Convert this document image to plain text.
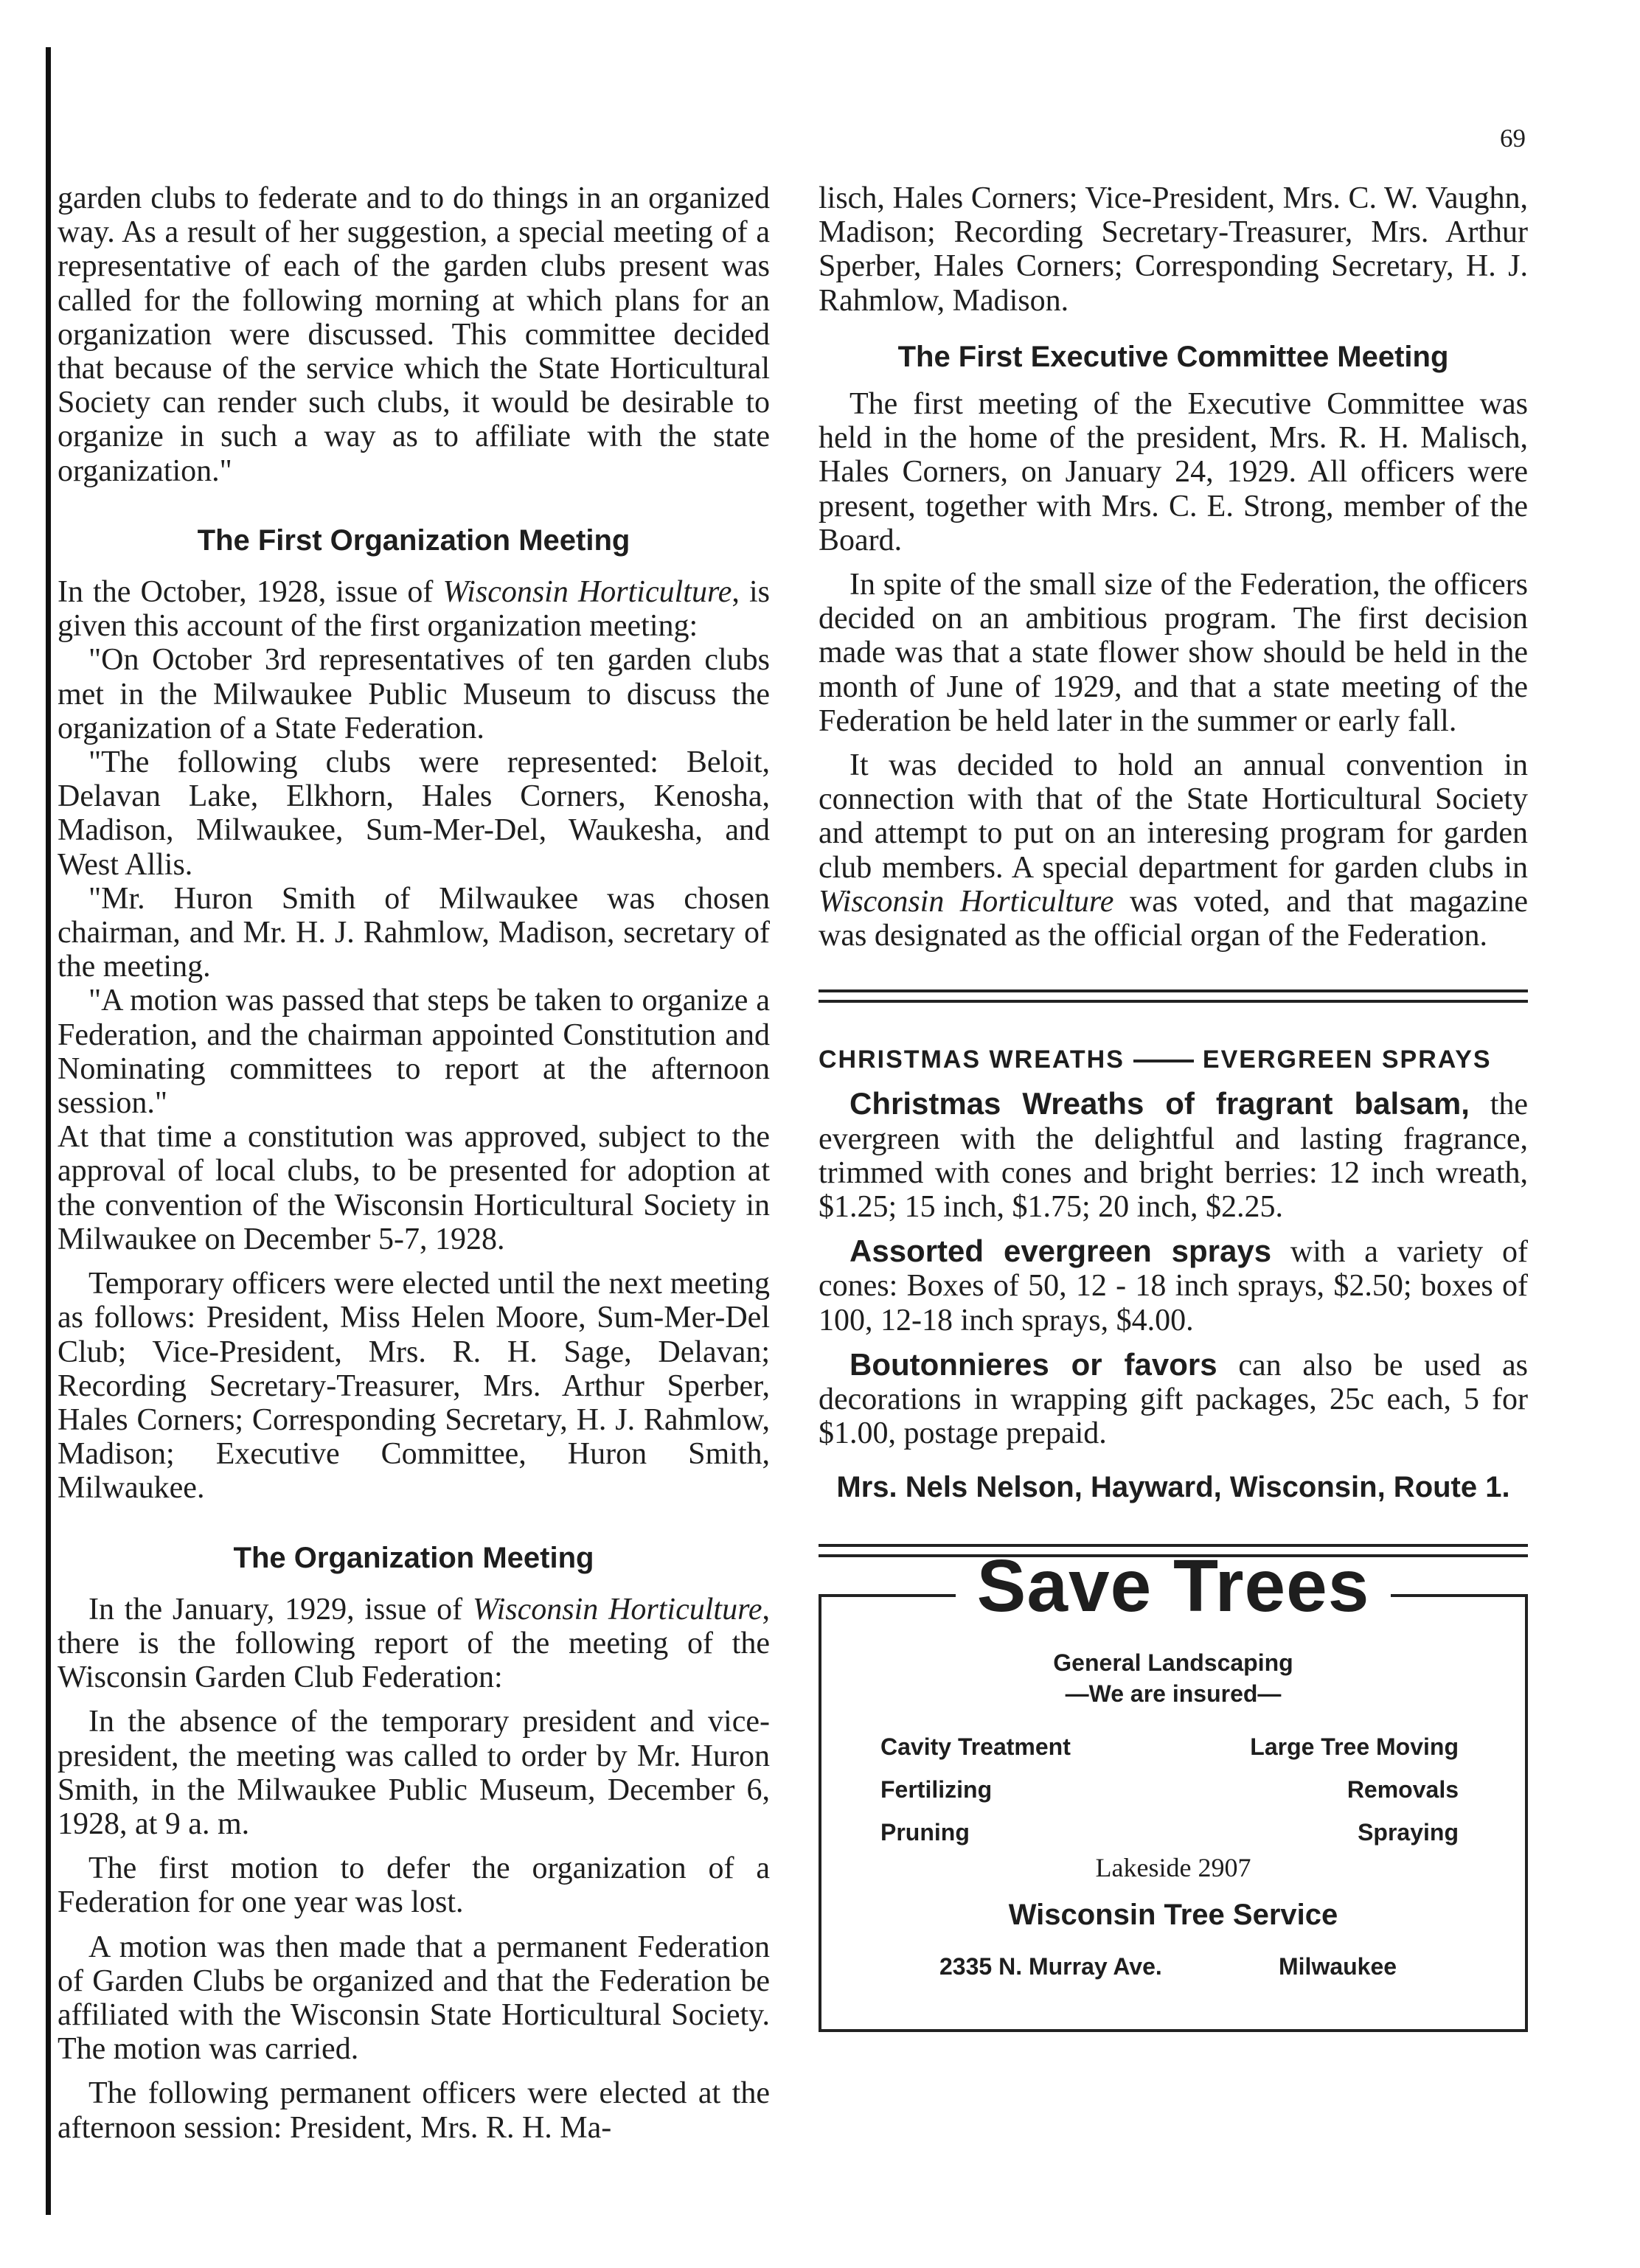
69

garden clubs to federate and to do things in an organized way. As a result of her suggestion, a special meeting of a representative of each of the garden clubs present was called for the following morning at which plans for an organization were discussed. This committee decided that because of the service which the State Horticultural Society can render such clubs, it would be desirable to organize in such a way as to affiliate with the state organization."

The First Organization Meeting

In the October, 1928, issue of Wisconsin Horticulture, is given this account of the first organization meeting:

"On October 3rd representatives of ten garden clubs met in the Milwaukee Public Museum to discuss the organization of a State Federation.

"The following clubs were represented: Beloit, Delavan Lake, Elkhorn, Hales Corners, Kenosha, Madison, Milwaukee, Sum-Mer-Del, Waukesha, and West Allis.

"Mr. Huron Smith of Milwaukee was chosen chairman, and Mr. H. J. Rahmlow, Madison, secretary of the meeting.

"A motion was passed that steps be taken to organize a Federation, and the chairman appointed Constitution and Nominating committees to report at the afternoon session."

At that time a constitution was approved, subject to the approval of local clubs, to be presented for adoption at the convention of the Wisconsin Horticultural Society in Milwaukee on December 5-7, 1928.

Temporary officers were elected until the next meeting as follows: President, Miss Helen Moore, Sum-Mer-Del Club; Vice-President, Mrs. R. H. Sage, Delavan; Recording Secretary-Treasurer, Mrs. Arthur Sperber, Hales Corners; Corresponding Secretary, H. J. Rahmlow, Madison; Executive Committee, Huron Smith, Milwaukee.

The Organization Meeting

In the January, 1929, issue of Wisconsin Horticulture, there is the following report of the meeting of the Wisconsin Garden Club Federation:

In the absence of the temporary president and vice-president, the meeting was called to order by Mr. Huron Smith, in the Milwaukee Public Museum, December 6, 1928, at 9 a. m.

The first motion to defer the organization of a Federation for one year was lost.

A motion was then made that a permanent Federation of Garden Clubs be organized and that the Federation be affiliated with the Wisconsin State Horticultural Society. The motion was carried.

The following permanent officers were elected at the afternoon session: President, Mrs. R. H. Ma-

lisch, Hales Corners; Vice-President, Mrs. C. W. Vaughn, Madison; Recording Secretary-Treasurer, Mrs. Arthur Sperber, Hales Corners; Corresponding Secretary, H. J. Rahmlow, Madison.

The First Executive Committee Meeting

The first meeting of the Executive Committee was held in the home of the president, Mrs. R. H. Malisch, Hales Corners, on January 24, 1929. All officers were present, together with Mrs. C. E. Strong, member of the Board.

In spite of the small size of the Federation, the officers decided on an ambitious program. The first decision made was that a state flower show should be held in the month of June of 1929, and that a state meeting of the Federation be held later in the summer or early fall.

It was decided to hold an annual convention in connection with that of the State Horticultural Society and attempt to put on an interesing program for garden club members. A special department for garden clubs in Wisconsin Horticulture was voted, and that magazine was designated as the official organ of the Federation.

CHRISTMAS WREATHS	EVERGREEN SPRAYS

Christmas Wreaths of fragrant balsam, the evergreen with the delightful and lasting fragrance, trimmed with cones and bright berries: 12 inch wreath, $1.25; 15 inch, $1.75; 20 inch, $2.25.

Assorted evergreen sprays with a variety of cones: Boxes of 50, 12 - 18 inch sprays, $2.50; boxes of 100, 12-18 inch sprays, $4.00.

Boutonnieres or favors can also be used as decorations in wrapping gift packages, 25c each, 5 for $1.00, postage prepaid.

Mrs. Nels Nelson, Hayward, Wisconsin, Route 1.
Save Trees
General Landscaping
—We are insured—
Cavity Treatment	Large Tree Moving
Fertilizing	Removals
Pruning	Spraying
Lakeside 2907
Wisconsin Tree Service
2335 N. Murray Ave.	Milwaukee
